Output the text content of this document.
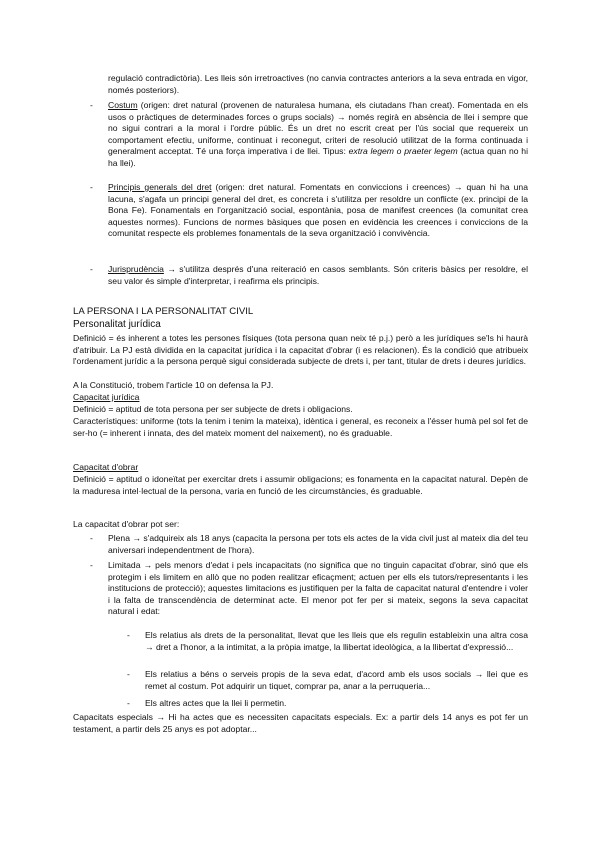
regulació contradictòria). Les lleis són irretroactives (no canvia contractes anteriors a la seva entrada en vigor, només posteriors).

- Costum (origen: dret natural (provenen de naturalesa humana, els ciutadans l'han creat). Fomentada en els usos o pràctiques de determinades forces o grups socials) → només regirà en absència de llei i sempre que no sigui contrari a la moral i l'ordre públic. És un dret no escrit creat per l'ús social que requereix un comportament efectiu, uniforme, continuat i reconegut, criteri de resolució utilitzat de la forma continuada i generalment acceptat. Té una força imperativa i de llei. Tipus: extra legem o praeter legem (actua quan no hi ha llei).

- Principis generals del dret (origen: dret natural. Fomentats en conviccions i creences) → quan hi ha una lacuna, s'agafa un principi general del dret, es concreta i s'utilitza per resoldre un conflicte (ex. principi de la Bona Fe). Fonamentals en l'organització social, espontània, posa de manifest creences (la comunitat crea aquestes normes). Funcions de normes bàsiques que posen en evidència les creences i conviccions de la comunitat respecte els problemes fonamentals de la seva organització i convivència.

- Jurisprudència → s'utilitza després d'una reiteració en casos semblants. Són criteris bàsics per resoldre, el seu valor és simple d'interpretar, i reafirma els principis.

LA PERSONA I LA PERSONALITAT CIVIL

Personalitat jurídica

Definició = és inherent a totes les persones físiques (tota persona quan neix té p.j.) però a les jurídiques se'ls hi haurà d'atribuir. La PJ està dividida en la capacitat jurídica i la capacitat d'obrar (i es relacionen). És la condició que atribueix l'ordenament jurídic a la persona perquè sigui considerada subjecte de drets i, per tant, titular de drets i deures jurídics.

A la Constitució, trobem l'article 10 on defensa la PJ.

Capacitat jurídica

Definició = aptitud de tota persona per ser subjecte de drets i obligacions.

Característiques: uniforme (tots la tenim i tenim la mateixa), idèntica i general, es reconeix a l'ésser humà pel sol fet de ser-ho (= inherent i innata, des del mateix moment del naixement), no és graduable.

Capacitat d'obrar

Definició = aptitud o idoneïtat per exercitar drets i assumir obligacions; es fonamenta en la capacitat natural. Depèn de la maduresa intel·lectual de la persona, varia en funció de les circumstàncies, és graduable.

La capacitat d'obrar pot ser:

- Plena → s'adquireix als 18 anys (capacita la persona per tots els actes de la vida civil just al mateix dia del teu aniversari independentment de l'hora).

- Limitada → pels menors d'edat i pels incapacitats (no significa que no tinguin capacitat d'obrar, sinó que els protegim i els limitem en allò que no poden realitzar eficaçment; actuen per ells els tutors/representants i les institucions de protecció); aquestes limitacions es justifiquen per la falta de capacitat natural d'entendre i voler i la falta de transcendència de determinat acte. El menor pot fer per si mateix, segons la seva capacitat natural i edat:

- Els relatius als drets de la personalitat, llevat que les lleis que els regulin estableixin una altra cosa → dret a l'honor, a la intimitat, a la pròpia imatge, la llibertat ideològica, a la llibertat d'expressió...

- Els relatius a béns o serveis propis de la seva edat, d'acord amb els usos socials → llei que es remet al costum. Pot adquirir un tiquet, comprar pa, anar a la perruqueria...

- Els altres actes que la llei li permetin.

Capacitats especials → Hi ha actes que es necessiten capacitats especials. Ex: a partir dels 14 anys es pot fer un testament, a partir dels 25 anys es pot adoptar...
